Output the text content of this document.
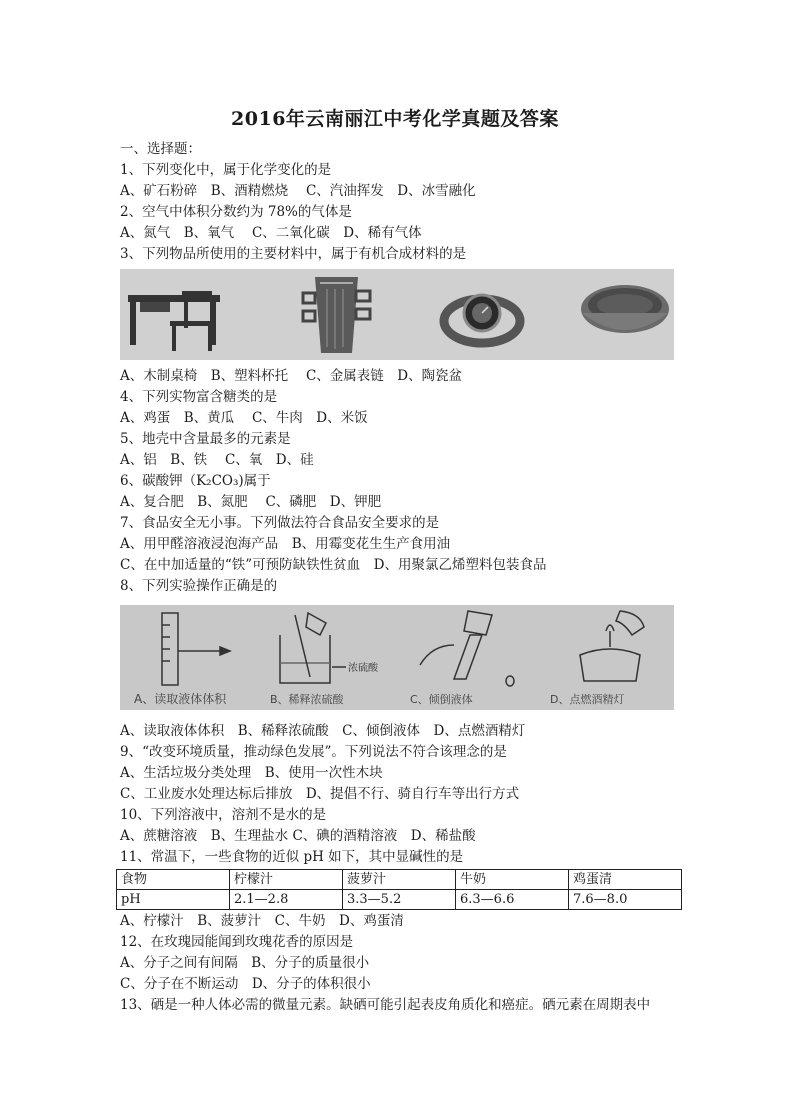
2016年云南丽江中考化学真题及答案
一、选择题：
1、下列变化中，属于化学变化的是
A、矿石粉碎　B、酒精燃烧　 C、汽油挥发　D、冰雪融化
2、空气中体积分数约为 78%的气体是
A、氮气　B、氧气　 C、二氧化碳　D、稀有气体
3、下列物品所使用的主要材料中，属于有机合成材料的是
A、木制桌椅　B、塑料杯托　 C、金属表链　D、陶瓷盆
4、下列实物富含糖类的是
A、鸡蛋　B、黄瓜　 C、牛肉　D、米饭
5、地壳中含量最多的元素是
A、铝　B、铁　 C、氧　D、硅
6、碳酸钾（K₂CO₃)属于
A、复合肥　B、氮肥　 C、磷肥　D、钾肥
7、食品安全无小事。下列做法符合食品安全要求的是
A、用甲醛溶液浸泡海产品　B、用霉变花生生产食用油
C、在中加适量的“铁”可预防缺铁性贫血　D、用聚氯乙烯塑料包装食品
8、下列实验操作正确是的
浓硫酸
A、读取液体体积	B、稀释浓硫酸	C、倾倒液体	D、点燃酒精灯
A、读取液体体积　B、稀释浓硫酸　C、倾倒液体　D、点燃酒精灯
9、“改变环境质量，推动绿色发展”。下列说法不符合该理念的是
A、生活垃圾分类处理　B、使用一次性木块
C、工业废水处理达标后排放　D、提倡不行、骑自行车等出行方式
10、下列溶液中，溶剂不是水的是
A、蔗糖溶液　B、生理盐水 C、碘的酒精溶液　D、稀盐酸
11、常温下，一些食物的近似 pH 如下，其中显碱性的是
食物	柠檬汁	菠萝汁	牛奶	鸡蛋清
pH	2.1—2.8	3.3—5.2	6.3—6.6	7.6—8.0
A、柠檬汁　B、菠萝汁　C、牛奶　D、鸡蛋清
12、在玫瑰园能闻到玫瑰花香的原因是
A、分子之间有间隔　B、分子的质量很小
C、分子在不断运动　D、分子的体积很小
13、硒是一种人体必需的微量元素。缺硒可能引起表皮角质化和癌症。硒元素在周期表中
